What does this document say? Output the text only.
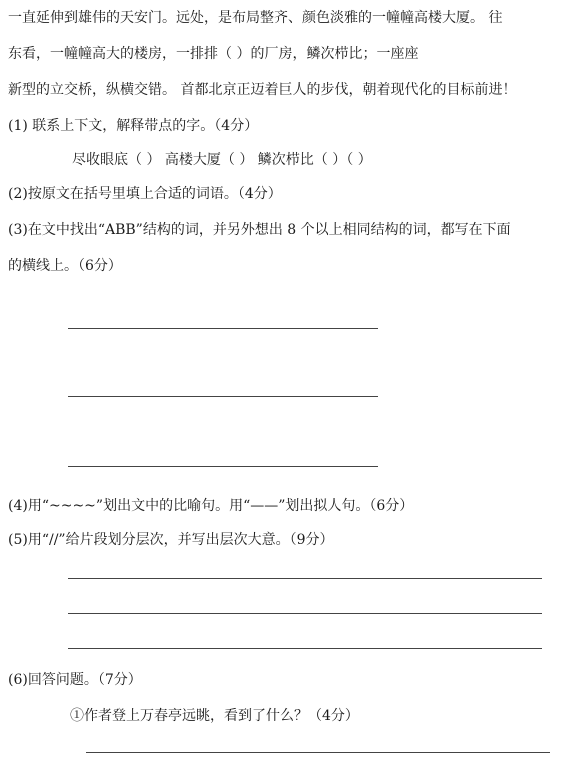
一直延伸到雄伟的天安门。远处，是布局整齐、颜色淡雅的一幢幢高楼大厦。 往
东看，一幢幢高大的楼房，一排排（ ）的厂房，鳞次栉比；一座座
新型的立交桥，纵横交错。 首都北京正迈着巨人的步伐，朝着现代化的目标前进！
(1) 联系上下文，解释带点的字。（4分）
尽收眼底（ ） 高楼大厦（ ） 鳞次栉比（ ）（ ）
(2)按原文在括号里填上合适的词语。（4分）
(3)在文中找出“ABB”结构的词，并另外想出 8 个以上相同结构的词，都写在下面
的横线上。（6分）
(4)用“~~~~”划出文中的比喻句。用“——”划出拟人句。（6分）
(5)用“//”给片段划分层次，并写出层次大意。（9分）
(6)回答问题。（7分）
①作者登上万春亭远眺，看到了什么？（4分）
